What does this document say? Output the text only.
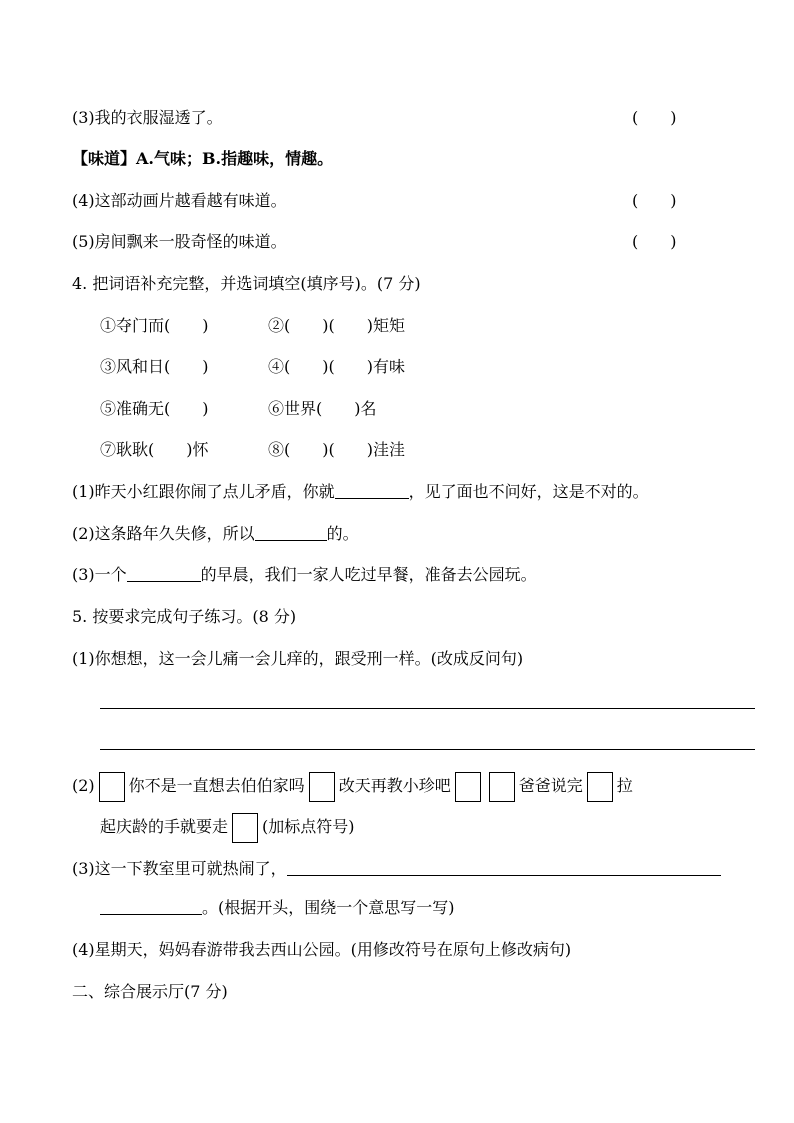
(3)我的衣服湿透了。	(　　)
【味道】A.气味；B.指趣味，情趣。
(4)这部动画片越看越有味道。	(　　)
(5)房间飘来一股奇怪的味道。	(　　)
4. 把词语补充完整，并选词填空(填序号)。(7 分)
①夺门而(　　)	②(　　)(　　)矩矩
③风和日(　　)	④(　　)(　　)有味
⑤准确无(　　)	⑥世界(　　)名
⑦耿耿(　　)怀	⑧(　　)(　　)洼洼
(1)昨天小红跟你闹了点儿矛盾，你就	，见了面也不问好，这是不对的。
(2)这条路年久失修，所以	的。
(3)一个	的早晨，我们一家人吃过早餐，准备去公园玩。
5. 按要求完成句子练习。(8 分)
(1)你想想，这一会儿痛一会儿痒的，跟受刑一样。(改成反问句)
(2) 你不是一直想去伯伯家吗 改天再教小珍吧	爸爸说完 拉
起庆龄的手就要走 (加标点符号)
(3)这一下教室里可就热闹了，
。(根据开头，围绕一个意思写一写)
(4)星期天，妈妈春游带我去西山公园。(用修改符号在原句上修改病句)
二、综合展示厅(7 分)
